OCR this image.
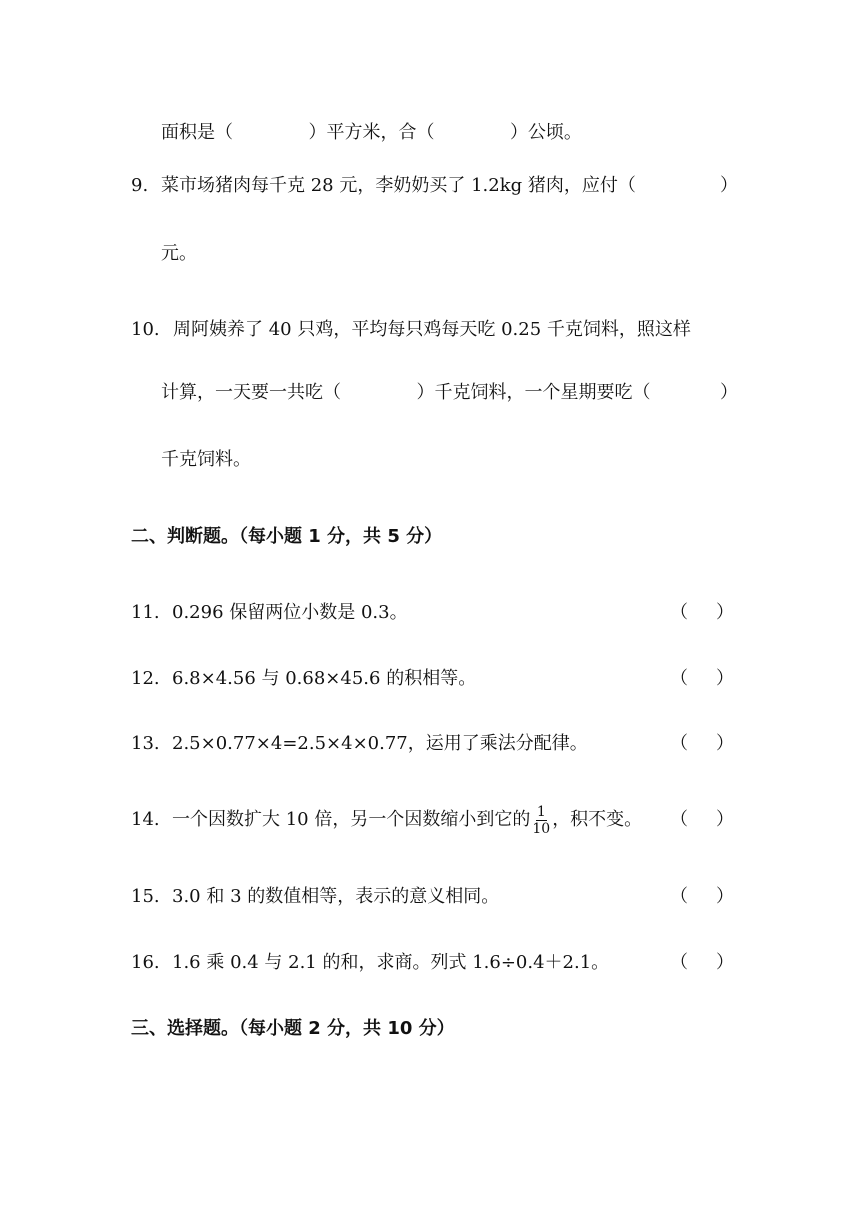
面积是（	）平方米，合（	）公顷。
9. 菜市场猪肉每千克 28 元，李奶奶买了 1.2kg 猪肉，应付（	）
元。
10. 周阿姨养了 40 只鸡，平均每只鸡每天吃 0.25 千克饲料，照这样
计算，一天要一共吃（	）千克饲料，一个星期要吃（	）
千克饲料。
二、判断题。（每小题 1 分，共 5 分）
11. 0.296 保留两位小数是 0.3。	（ ）
12. 6.8×4.56 与 0.68×45.6 的积相等。	（ ）
13. 2.5×0.77×4=2.5×4×0.77，运用了乘法分配律。	（ ）
14. 一个因数扩大 10 倍，另一个因数缩小到它的 $\frac{1}{10}$ ，积不变。 （ ）
15. 3.0 和 3 的数值相等，表示的意义相同。	（ ）
16. 1.6 乘 0.4 与 2.1 的和，求商。列式 1.6÷0.4＋2.1。	（ ）
三、选择题。（每小题 2 分，共 10 分）
